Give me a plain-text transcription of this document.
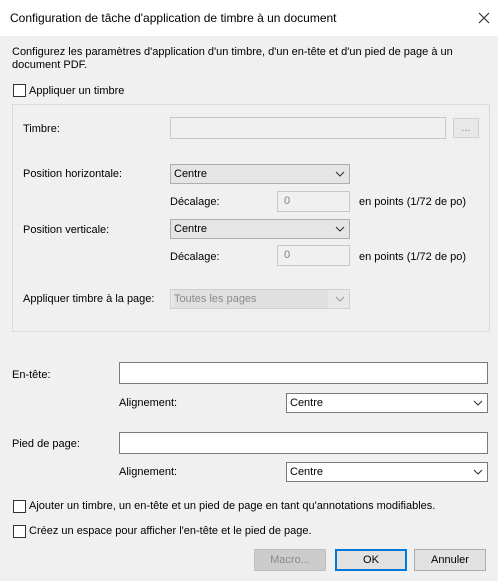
Configuration de tâche d'application de timbre à un document
Configurez les paramètres d'application d'un timbre, d'un en-tête et d'un pied de page à un
document PDF.
Appliquer un timbre
Timbre:	...
Position horizontale:	Centre
Décalage:	0	en points (1/72 de po)
Position verticale:	Centre
Décalage:	0	en points (1/72 de po)
Appliquer timbre à la page:	Toutes les pages
En-tête:
Alignement:	Centre
Pied de page:
Alignement:	Centre
Ajouter un timbre, un en-tête et un pied de page en tant qu'annotations modifiables.
Créez un espace pour afficher l'en-tête et le pied de page.
Macro...	OK	Annuler
